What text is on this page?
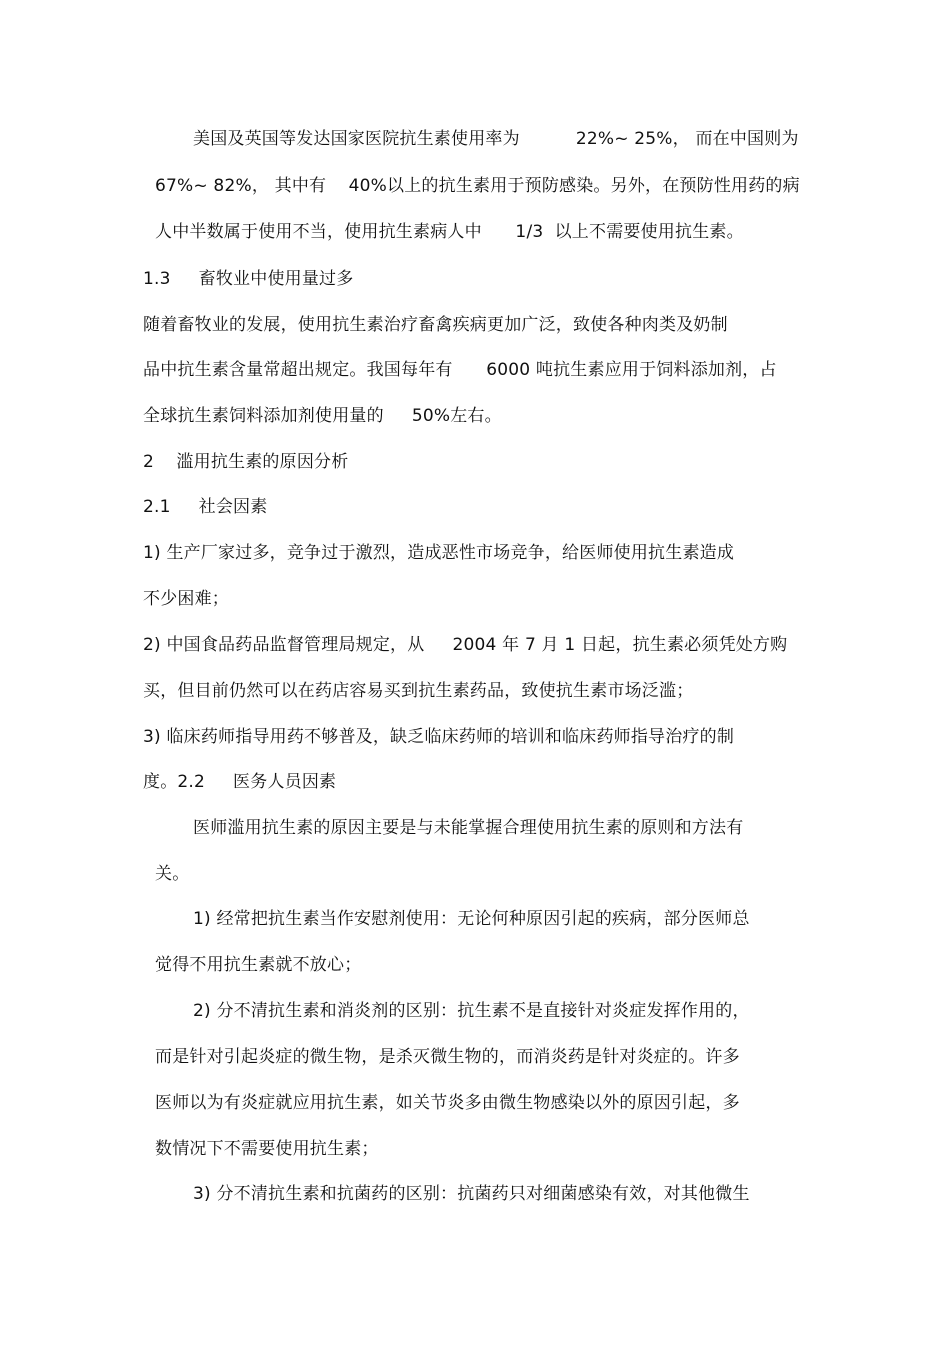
美国及英国等发达国家医院抗生素使用率为          22%~ 25%， 而在中国则为
67%~ 82%， 其中有    40%以上的抗生素用于预防感染。另外，在预防性用药的病
人中半数属于使用不当，使用抗生素病人中      1/3  以上不需要使用抗生素。
1.3     畜牧业中使用量过多
随着畜牧业的发展，使用抗生素治疗畜禽疾病更加广泛，致使各种肉类及奶制
品中抗生素含量常超出规定。我国每年有      6000 吨抗生素应用于饲料添加剂，占
全球抗生素饲料添加剂使用量的     50%左右。
2    滥用抗生素的原因分析
2.1     社会因素
1) 生产厂家过多，竞争过于激烈，造成恶性市场竞争，给医师使用抗生素造成
不少困难；
2) 中国食品药品监督管理局规定，从     2004 年 7 月 1 日起，抗生素必须凭处方购
买，但目前仍然可以在药店容易买到抗生素药品，致使抗生素市场泛滥；
3) 临床药师指导用药不够普及，缺乏临床药师的培训和临床药师指导治疗的制
度。2.2     医务人员因素
医师滥用抗生素的原因主要是与未能掌握合理使用抗生素的原则和方法有
关。
1) 经常把抗生素当作安慰剂使用：无论何种原因引起的疾病，部分医师总
觉得不用抗生素就不放心；
2) 分不清抗生素和消炎剂的区别：抗生素不是直接针对炎症发挥作用的，
而是针对引起炎症的微生物，是杀灭微生物的，而消炎药是针对炎症的。许多
医师以为有炎症就应用抗生素，如关节炎多由微生物感染以外的原因引起，多
数情况下不需要使用抗生素；
3) 分不清抗生素和抗菌药的区别：抗菌药只对细菌感染有效，对其他微生
